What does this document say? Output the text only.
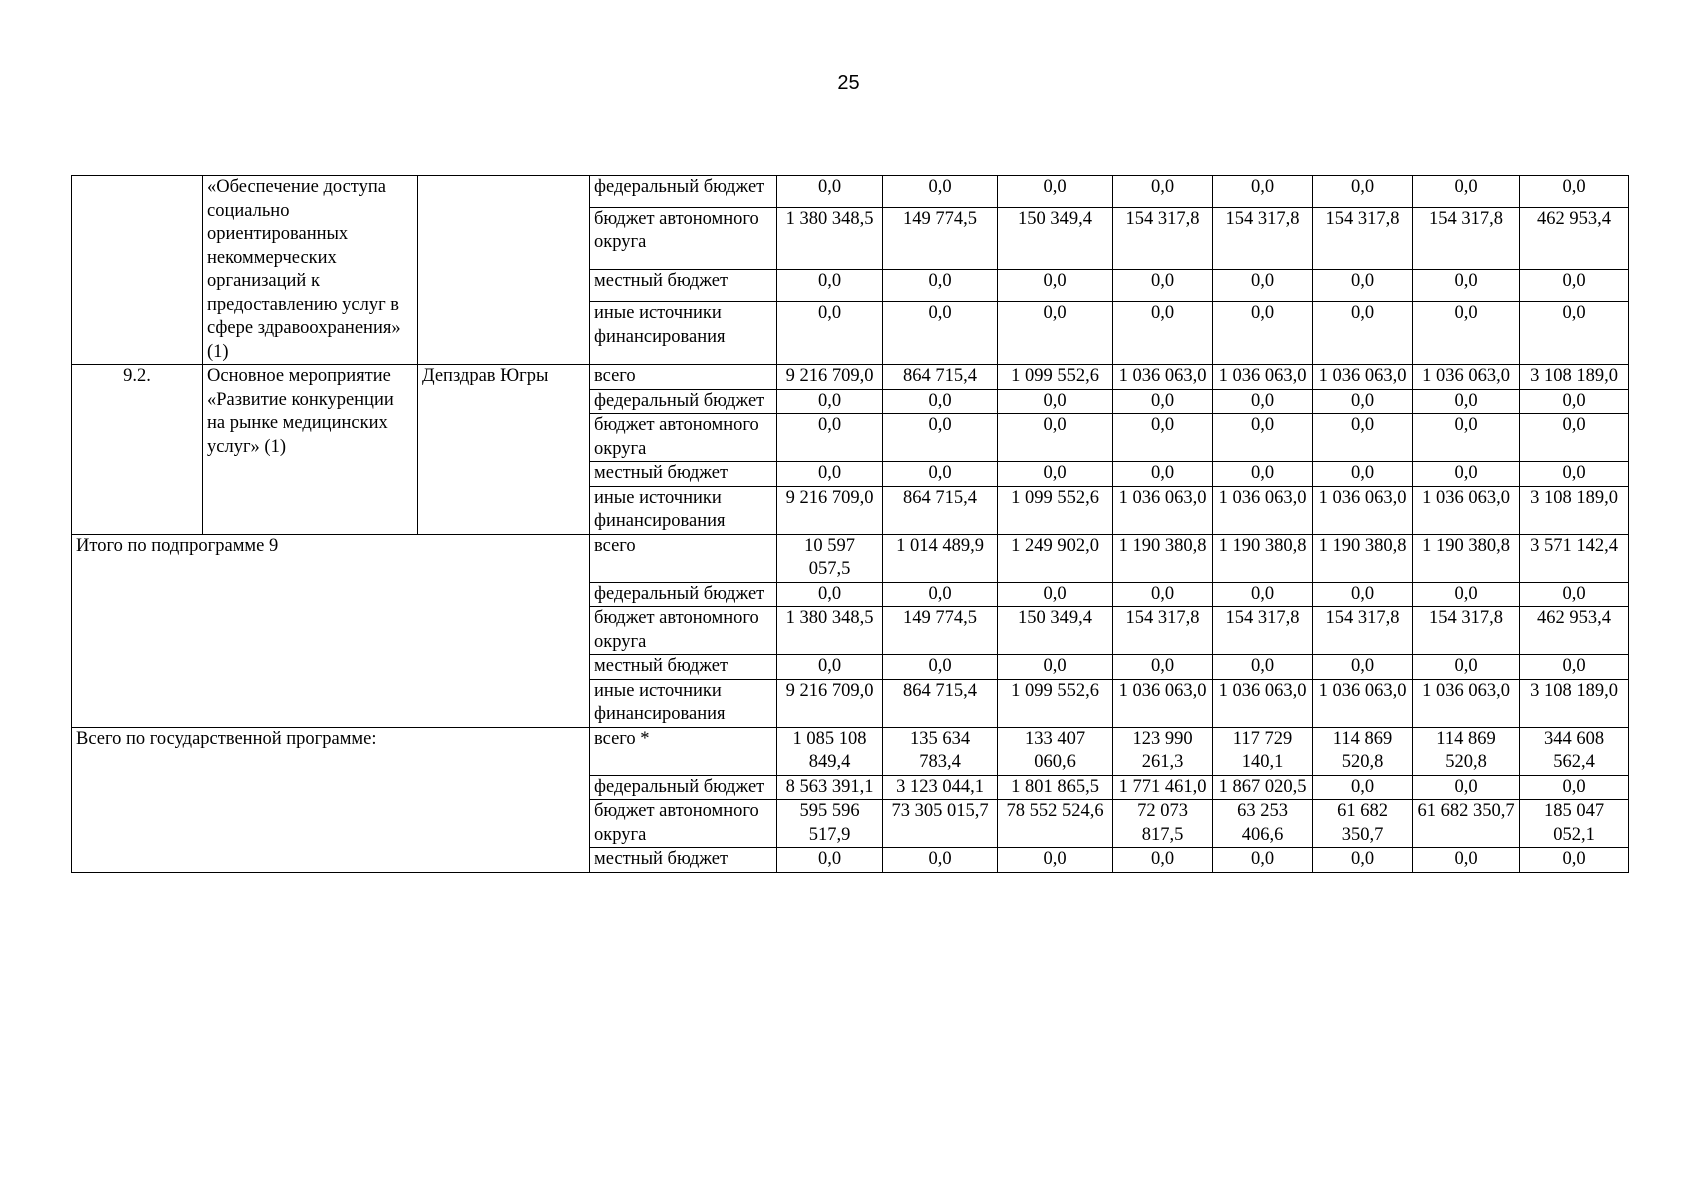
25
	«Обеспечение доступа социально ориентированных некоммерческих организаций к предоставлению услуг в сфере здравоохранения» (1)		федеральный бюджет	0,0	0,0	0,0	0,0	0,0	0,0	0,0	0,0
			бюджет автономного округа	1 380 348,5	149 774,5	150 349,4	154 317,8	154 317,8	154 317,8	154 317,8	462 953,4
			местный бюджет	0,0	0,0	0,0	0,0	0,0	0,0	0,0	0,0
			иные источники финансирования	0,0	0,0	0,0	0,0	0,0	0,0	0,0	0,0
9.2.	Основное мероприятие «Развитие конкуренции на рынке медицинских услуг» (1)	Депздрав Югры	всего	9 216 709,0	864 715,4	1 099 552,6	1 036 063,0	1 036 063,0	1 036 063,0	1 036 063,0	3 108 189,0
			федеральный бюджет	0,0	0,0	0,0	0,0	0,0	0,0	0,0	0,0
			бюджет автономного округа	0,0	0,0	0,0	0,0	0,0	0,0	0,0	0,0
			местный бюджет	0,0	0,0	0,0	0,0	0,0	0,0	0,0	0,0
			иные источники финансирования	9 216 709,0	864 715,4	1 099 552,6	1 036 063,0	1 036 063,0	1 036 063,0	1 036 063,0	3 108 189,0
Итого по подпрограмме 9			всего	10 597 057,5	1 014 489,9	1 249 902,0	1 190 380,8	1 190 380,8	1 190 380,8	1 190 380,8	3 571 142,4
			федеральный бюджет	0,0	0,0	0,0	0,0	0,0	0,0	0,0	0,0
			бюджет автономного округа	1 380 348,5	149 774,5	150 349,4	154 317,8	154 317,8	154 317,8	154 317,8	462 953,4
			местный бюджет	0,0	0,0	0,0	0,0	0,0	0,0	0,0	0,0
			иные источники финансирования	9 216 709,0	864 715,4	1 099 552,6	1 036 063,0	1 036 063,0	1 036 063,0	1 036 063,0	3 108 189,0
Всего по государственной программе:			всего *	1 085 108 849,4	135 634 783,4	133 407 060,6	123 990 261,3	117 729 140,1	114 869 520,8	114 869 520,8	344 608 562,4
			федеральный бюджет	8 563 391,1	3 123 044,1	1 801 865,5	1 771 461,0	1 867 020,5	0,0	0,0	0,0
			бюджет автономного округа	595 596 517,9	73 305 015,7	78 552 524,6	72 073 817,5	63 253 406,6	61 682 350,7	61 682 350,7	185 047 052,1
			местный бюджет	0,0	0,0	0,0	0,0	0,0	0,0	0,0	0,0
